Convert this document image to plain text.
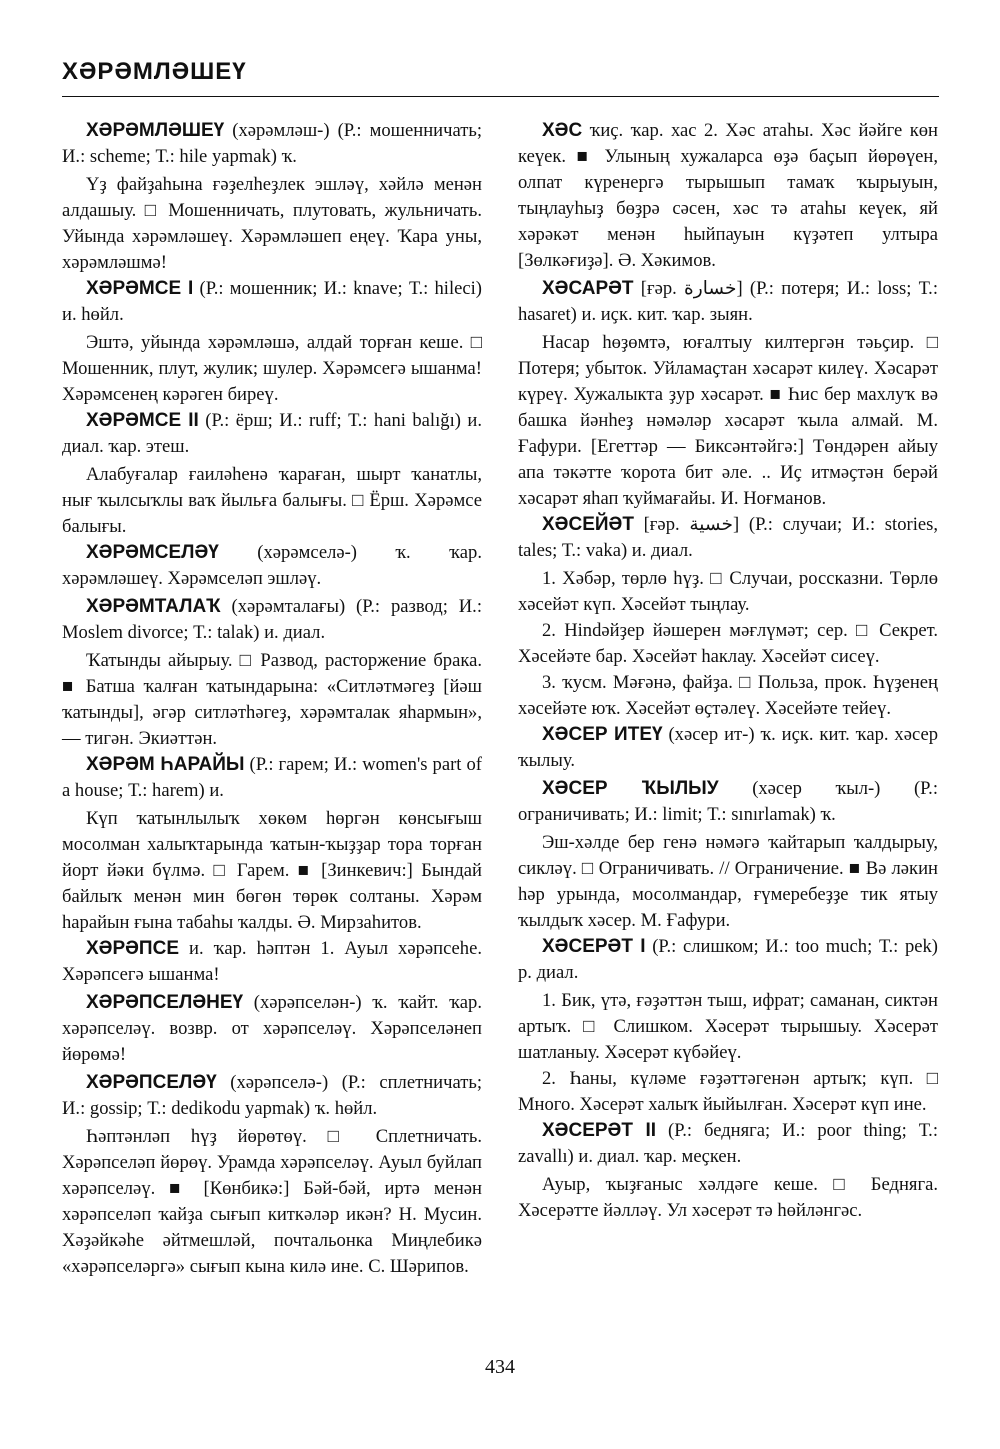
ХӘРӘМЛӘШЕҮ

ХӘРӘМЛӘШЕҮ (хәрәмләш-) (Р.: мошенничать; И.: scheme; Т.: hile yapmak) ҡ.

Үҙ файҙаһына ғәҙелһеҙлек эшләү, хәйлә менән алдашыу. □ Мошенничать, плутовать, жульничать. Уйында хәрәмләшеү. Хәрәмләшеп еңеү. Ҡара уны, хәрәмләшмә!

ХӘРӘМСЕ I (Р.: мошенник; И.: knave; Т.: hileci) и. һөйл.

Эштә, уйында хәрәмләшә, алдай торған кеше. □ Мошенник, плут, жулик; шулер. Хәрәмсегә ышанма! Хәрәмсенең кәрәген биреү.

ХӘРӘМСЕ II (Р.: ёрш; И.: ruff; Т.: hani balığı) и. диал. ҡар. этеш.

Алабуғалар ғаиләһенә ҡараған, шырт ҡанатлы, нығ ҡылсыҡлы ваҡ йыльға балығы. □ Ёрш. Хәрәмсе балығы.

ХӘРӘМСЕЛӘҮ (хәрәмселә-) ҡ. ҡар. хәрәмләшеү. Хәрәмселәп эшләү.

ХӘРӘМТАЛАҠ (хәрәмталағы) (Р.: развод; И.: Moslem divorce; Т.: talak) и. диал.

Ҡатынды айырыу. □ Развод, расторжение брака. ■ Батша ҡалған ҡатындарына: «Ситләтмәгеҙ [йәш ҡатынды], әгәр ситләтһәгеҙ, хәрәмталак яһармын», — тигән. Экиәттән.

ХӘРӘМ ҺАРАЙЫ (Р.: гарем; И.: women's part of a house; Т.: harem) и.

Күп ҡатынлылыҡ хөкөм һөргән көнсығыш мосолман халыҡтарында ҡатын-ҡыҙҙар тора торған йорт йәки бүлмә. □ Гарем. ■ [Зинкевич:] Бындай байлыҡ менән мин бөгөн төрөк солтаны. Хәрәм һарайын ғына табаһы ҡалды. Ә. Мирзаһитов.

ХӘРӘПСЕ и. ҡар. һәптән 1. Ауыл хәрәпсеһе. Хәрәпсегә ышанма!

ХӘРӘПСЕЛӘНЕҮ (хәрәпселән-) ҡ. ҡайт. ҡар. хәрәпселәү. возвр. от хәрәпселәү. Хәрәпселәнеп йөрөмә!

ХӘРӘПСЕЛӘҮ (хәрәпселә-) (Р.: сплетничать; И.: gossip; Т.: dedikodu yapmak) ҡ. һөйл.

Һәптәнләп һүҙ йөрөтөү. □ Сплетничать. Хәрәпселәп йөрөү. Урамда хәрәпселәү. Ауыл буйлап хәрәпселәү. ■ [Көнбикә:] Бәй-бәй, иртә менән хәрәпселәп ҡайҙа сығып киткәләр икән? Н. Мусин. Хәҙәйкәһе әйтмешләй, почтальонка Миңлебикә «хәрәпселәргә» сығып кына килә ине. С. Шәрипов.

ХӘС ҡиҫ. ҡар. хас 2. Хәс атаһы. Хәс йәйге көн кеүек. ■ Улының хужаларса өҙә баҫып йөрөүен, олпат күренергә тырышып тамаҡ ҡырыуын, тыңлауһыҙ бөҙрә сәсен, хәс тә атаһы кеүек, яй хәрәкәт менән һыйпауын күҙәтеп ултыра [Зөлкәғиҙә]. Ә. Хәкимов.

ХӘСАРӘТ [ғәр. خسارة] (Р.: потеря; И.: loss; Т.: hasaret) и. иҫк. кит. ҡар. зыян.

Насар һөҙөмтә, юғалтыу килтергән тәьҫир. □ Потеря; убыток. Уйламаҫтан хәсарәт килеү. Хәсарәт күреү. Хужалыкта ҙур хәсарәт. ■ Һис бер махлуҡ вә башка йәнһеҙ нәмәләр хәсарәт ҡыла алмай. М. Ғафури. [Егеттәр — Биксәнтәйгә:] Төндәрен айыу апа тәкәтте ҡорота бит әле. .. Иҫ итмәҫтән берәй хәсарәт яһап ҡуймағайы. И. Ноғманов.

ХӘСЕЙӘТ [ғәр. خسية] (Р.: случаи; И.: stories, tales; Т.: vaka) и. диал.

1. Хәбәр, төрлө һүҙ. □ Случаи, россказни. Төрлө хәсейәт күп. Хәсейәт тыңлау.

2. Нindәйҙер йәшерен мәғлүмәт; сер. □ Секрет. Хәсейәте бар. Хәсейәт һаклау. Хәсейәт сисеү.

3. ҡусм. Мәғәнә, файҙа. □ Польза, прок. Һүҙенең хәсейәте юҡ. Хәсейәт өҫтәлеү. Хәсейәте тейеү.

ХӘСЕР ИТЕҮ (хәсер ит-) ҡ. иҫк. кит. ҡар. хәсер ҡылыу.

ХӘСЕР ҠЫЛЫУ (хәсер ҡыл-) (Р.: ограничивать; И.: limit; Т.: sınırlamak) ҡ.

Эш-хәлде бер генә нәмәгә ҡайтарып ҡалдырыу, сикләү. □ Ограничивать. // Ограничение. ■ Вә ләкин һәр урында, мосолмандар, ғүмеребеҙҙе тик ятыу ҡылдыҡ хәсер. М. Ғафури.

ХӘСЕРӘТ I (Р.: слишком; И.: too much; Т.: pek) р. диал.

1. Бик, үтә, ғәҙәттән тыш, ифрат; саманан, сиктән артыҡ. □ Слишком. Хәсерәт тырышыу. Хәсерәт шатланыу. Хәсерәт күбәйеү.

2. Һаны, күләме ғәҙәттәгенән артыҡ; күп. □ Много. Хәсерәт халыҡ йыйылған. Хәсерәт күп ине.

ХӘСЕРӘТ II (Р.: бедняга; И.: poor thing; Т.: zavallı) и. диал. ҡар. меҫкен.

Ауыр, ҡыҙғаныс хәлдәге кеше. □ Бедняга. Хәсерәтте йәлләү. Ул хәсерәт тә һөйләнгәс.

434
